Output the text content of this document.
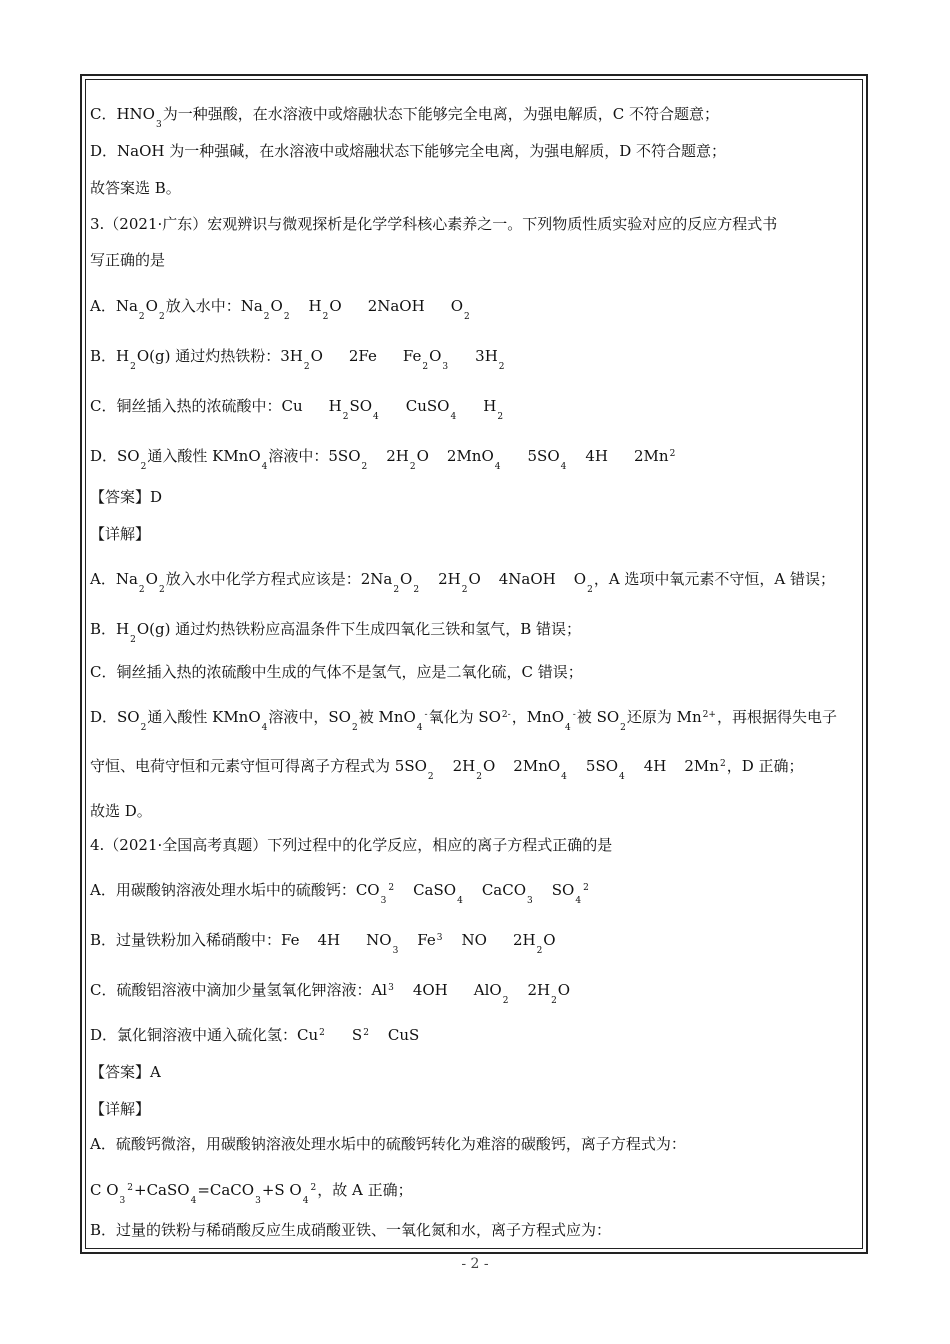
C．HNO3为一种强酸，在水溶液中或熔融状态下能够完全电离，为强电解质，C 不符合题意；
D．NaOH 为一种强碱，在水溶液中或熔融状态下能够完全电离，为强电解质，D 不符合题意；
故答案选 B。
3.（2021·广东）宏观辨识与微观探析是化学学科核心素养之一。下列物质性质实验对应的反应方程式书
写正确的是
A．Na2O2放入水中：Na2O2H2O 2NaOH O2
B．H2O(g) 通过灼热铁粉：3H2O 2Fe Fe2O33H2
C．铜丝插入热的浓硫酸中：Cu H2SO4CuSO4H2
D．SO2通入酸性 KMnO4溶液中：5SO22H2O 2MnO45SO44H 2Mn2
【答案】D
【详解】
A．Na2O2放入水中化学方程式应该是：2Na2O22H2O 4NaOH O2，A 选项中氧元素不守恒，A 错误；
B．H2O(g) 通过灼热铁粉应高温条件下生成四氧化三铁和氢气，B 错误；
C．铜丝插入热的浓硫酸中生成的气体不是氢气，应是二氧化硫，C 错误；
D．SO2通入酸性 KMnO4溶液中，SO2被 MnO4-氧化为 SO2-，MnO4-被 SO2还原为 Mn2+，再根据得失电子
守恒、电荷守恒和元素守恒可得离子方程式为 5SO22H2O 2MnO45SO44H 2Mn2，D 正确；
故选 D。
4.（2021·全国高考真题）下列过程中的化学反应，相应的离子方程式正确的是
A．用碳酸钠溶液处理水垢中的硫酸钙：CO32 CaSO4CaCO3SO42
B．过量铁粉加入稀硝酸中：Fe 4H NO3Fe3 NO 2H2O
C．硫酸铝溶液中滴加少量氢氧化钾溶液：Al3 4OH AlO22H2O
D．氯化铜溶液中通入硫化氢：Cu2 S2 CuS
【答案】A
【详解】
A．硫酸钙微溶，用碳酸钠溶液处理水垢中的硫酸钙转化为难溶的碳酸钙，离子方程式为：
C O32+CaSO4=CaCO3+S O42，故 A 正确；
B．过量的铁粉与稀硝酸反应生成硝酸亚铁、一氧化氮和水，离子方程式应为：
- 2 -
